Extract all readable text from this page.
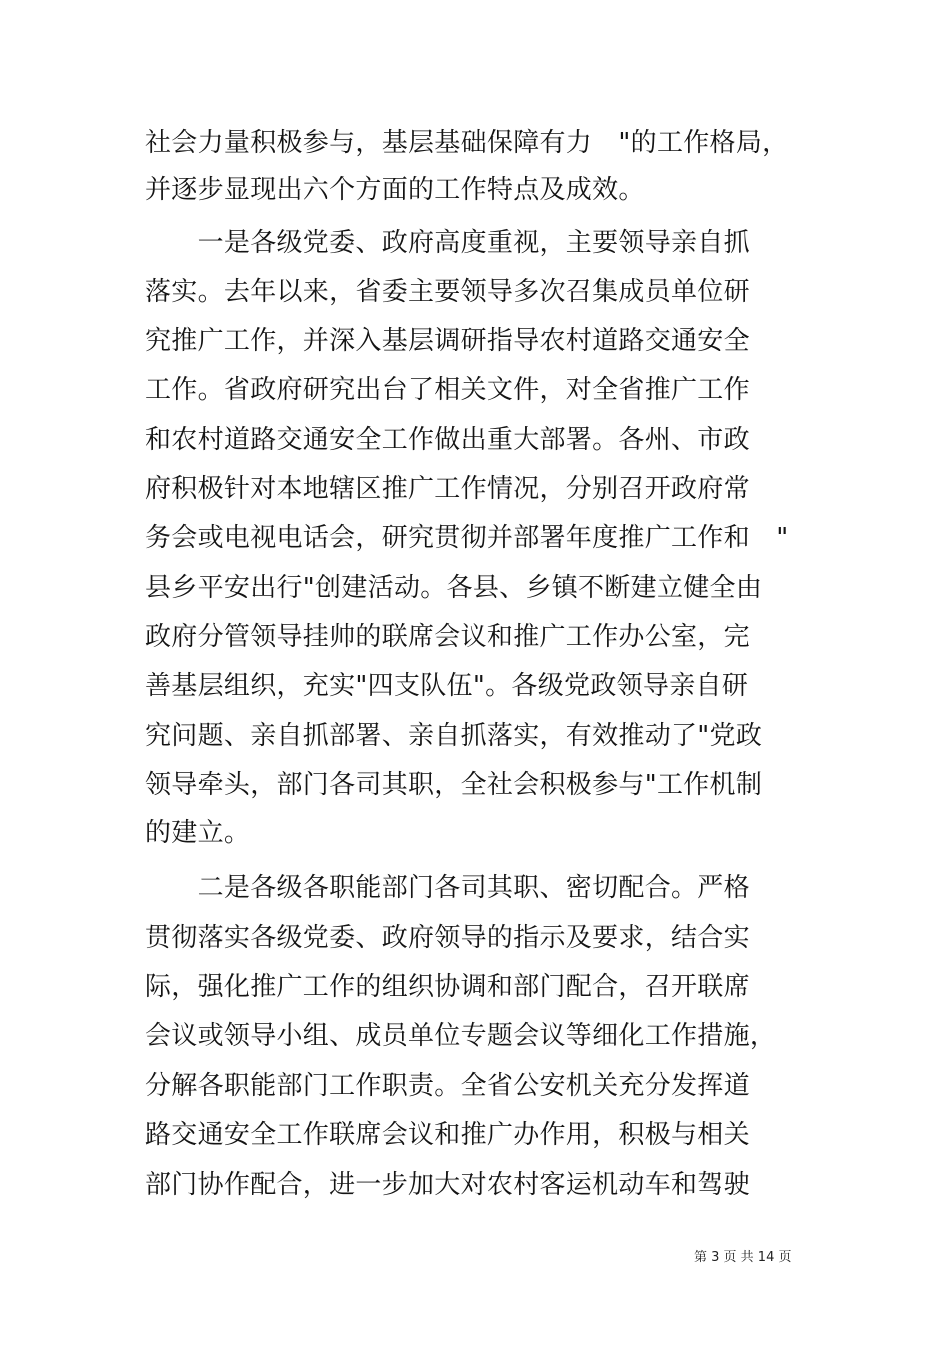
社会力量积极参与，基层基础保障有力　"的工作格局，
并逐步显现出六个方面的工作特点及成效。
　　一是各级党委、政府高度重视，主要领导亲自抓
落实。去年以来，省委主要领导多次召集成员单位研
究推广工作，并深入基层调研指导农村道路交通安全
工作。省政府研究出台了相关文件，对全省推广工作
和农村道路交通安全工作做出重大部署。各州、市政
府积极针对本地辖区推广工作情况，分别召开政府常
务会或电视电话会，研究贯彻并部署年度推广工作和　"
县乡平安出行"创建活动。各县、乡镇不断建立健全由
政府分管领导挂帅的联席会议和推广工作办公室，完
善基层组织，充实"四支队伍"。各级党政领导亲自研
究问题、亲自抓部署、亲自抓落实，有效推动了"党政
领导牵头，部门各司其职，全社会积极参与"工作机制
的建立。
　　二是各级各职能部门各司其职、密切配合。严格
贯彻落实各级党委、政府领导的指示及要求，结合实
际，强化推广工作的组织协调和部门配合，召开联席
会议或领导小组、成员单位专题会议等细化工作措施，
分解各职能部门工作职责。全省公安机关充分发挥道
路交通安全工作联席会议和推广办作用，积极与相关
部门协作配合，进一步加大对农村客运机动车和驾驶
第 3 页 共 14 页
